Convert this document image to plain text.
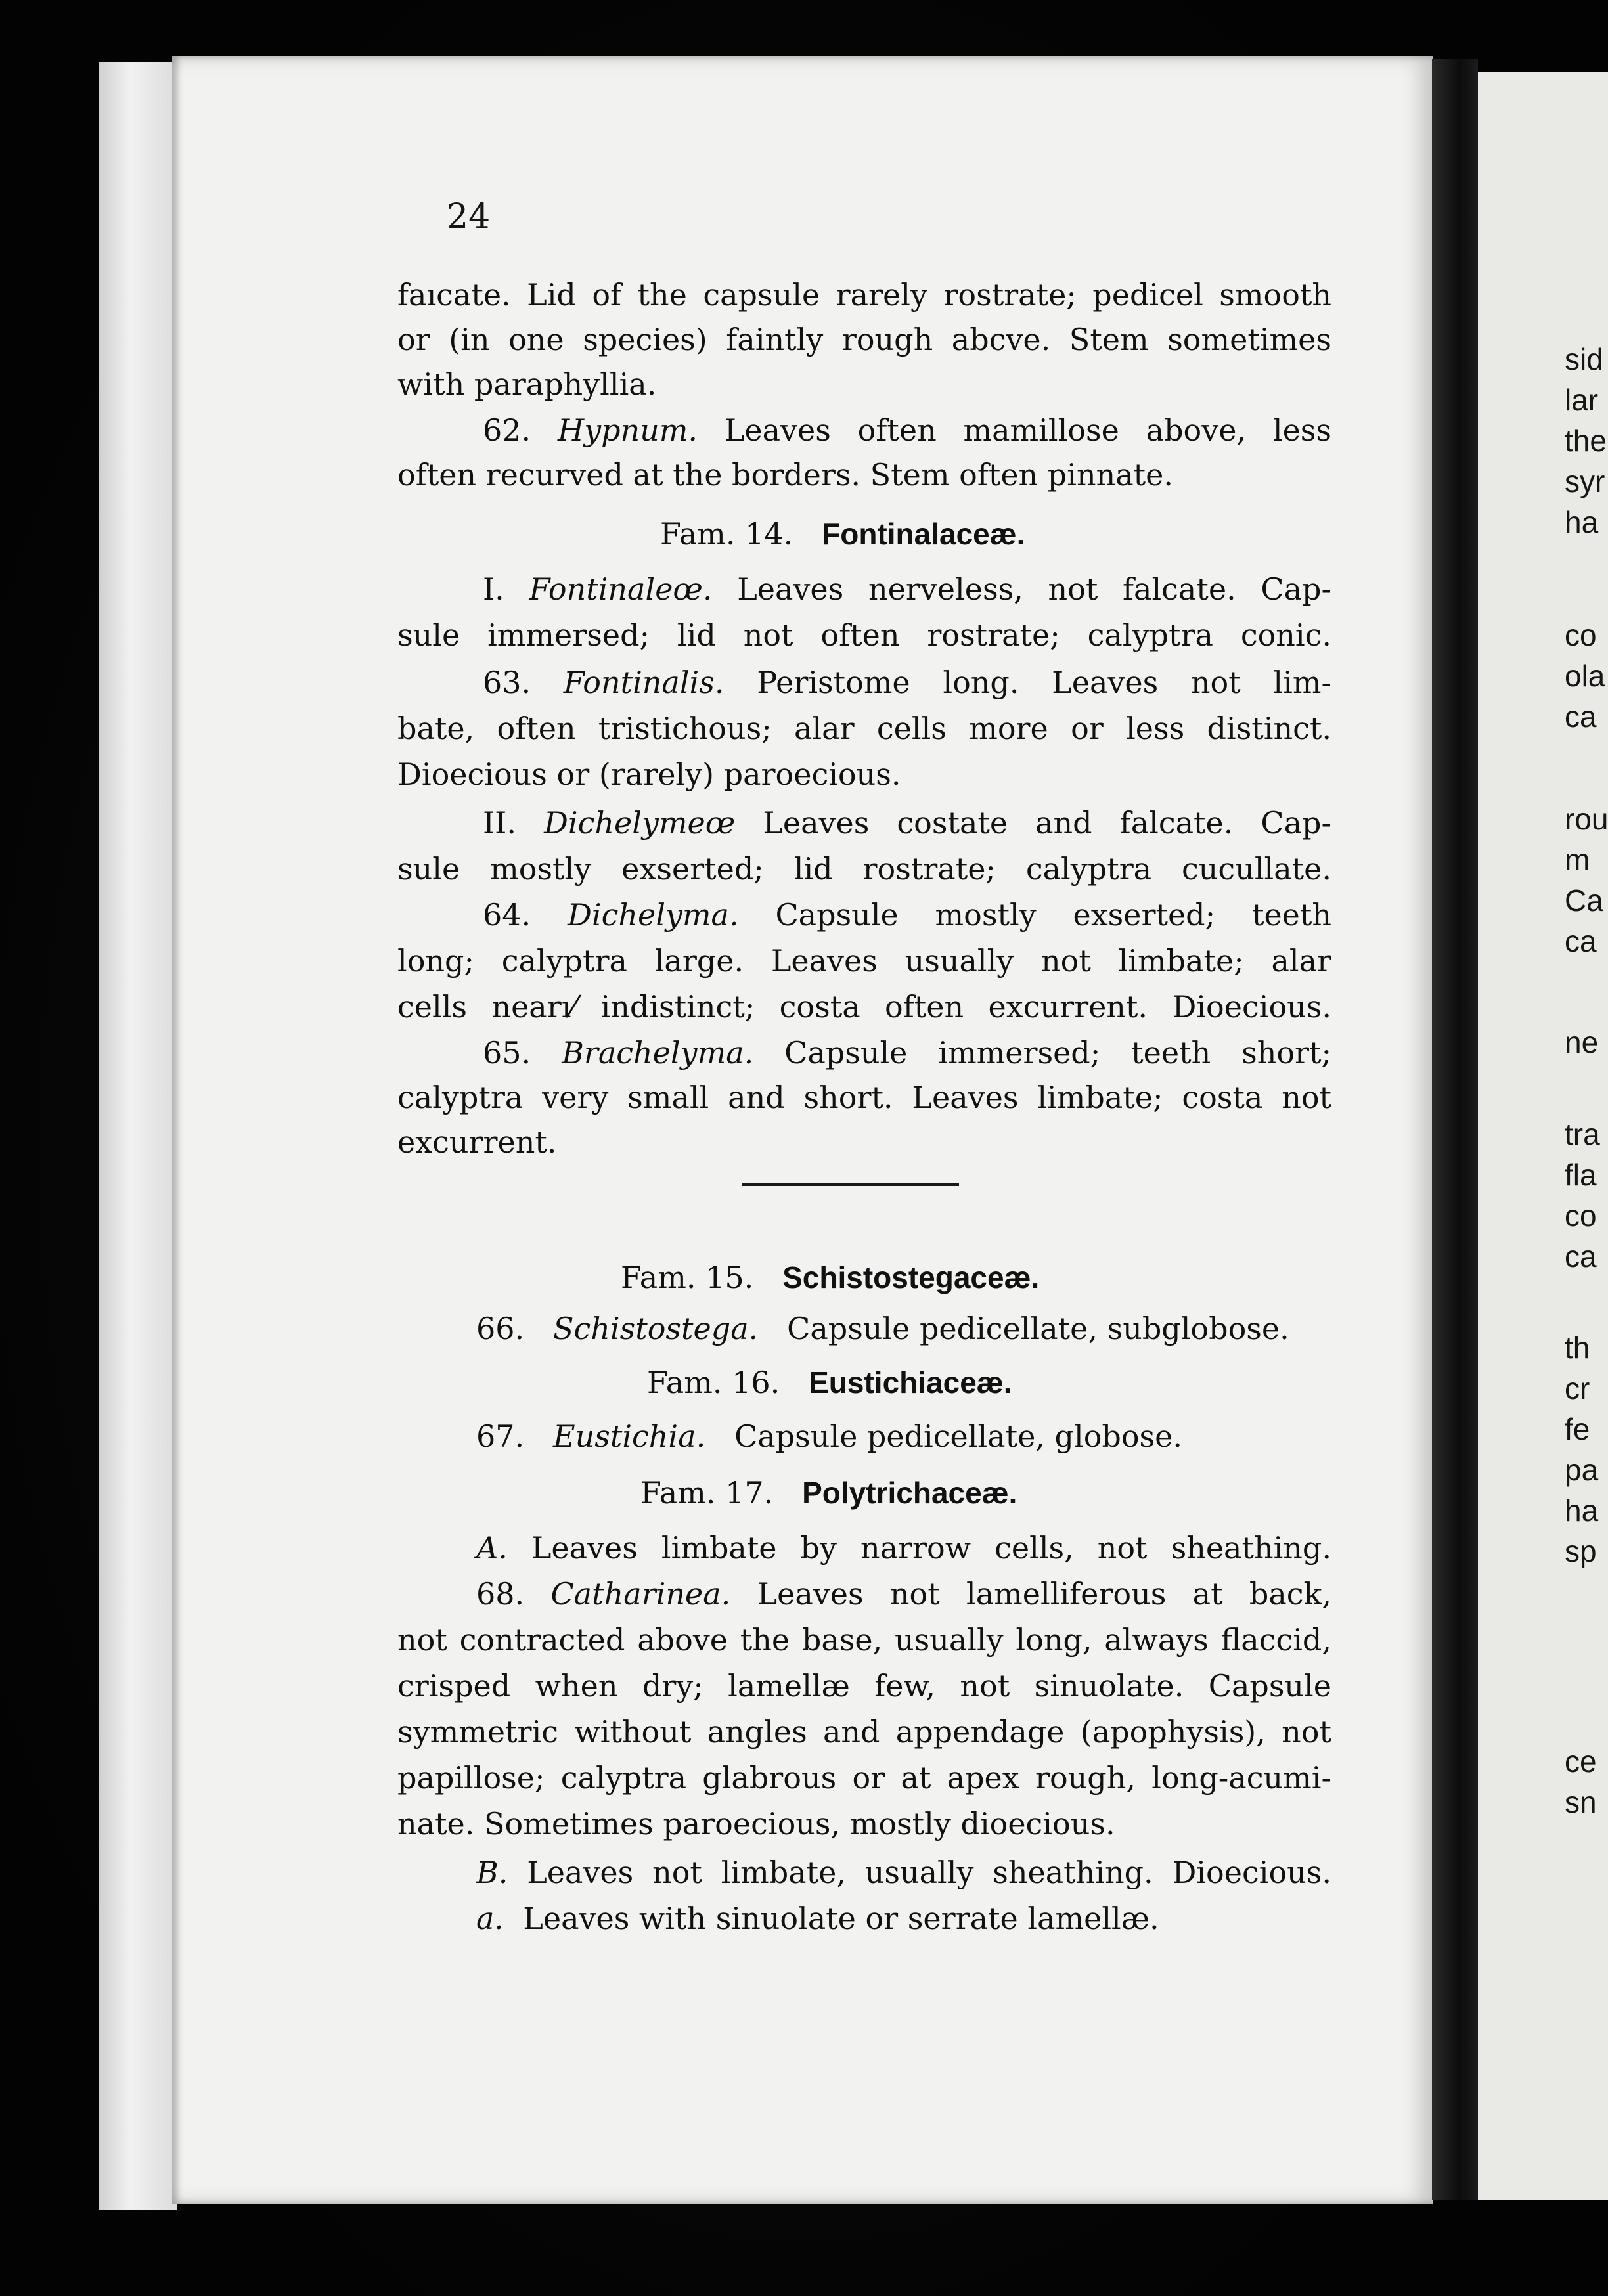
sid
lar
the
syr
ha
co
ola
ca
rou
m
Ca
ca
ne
tra
fla
co
ca
th
cr
fe
pa
ha
sp
ce
sn
24
faıcate. Lid of the capsule rarely rostrate; pedicel smooth
or (in one species) faintly rough abcve. Stem sometimes
with paraphyllia.
62. Hypnum. Leaves often mamillose above, less
often recurved at the borders. Stem often pinnate.
Fam. 14. Fontinalaceæ.
I. Fontinaleœ. Leaves nerveless, not falcate. Cap-
sule immersed; lid not often rostrate; calyptra conic.
63. Fontinalis. Peristome long. Leaves not lim-
bate, often tristichous; alar cells more or less distinct.
Dioecious or (rarely) paroecious.
II. Dichelymeœ Leaves costate and falcate. Cap-
sule mostly exserted; lid rostrate; calyptra cucullate.
64. Dichelyma. Capsule mostly exserted; teeth
long; calyptra large. Leaves usually not limbate; alar
cells nearı⁄ indistinct; costa often excurrent. Dioecious.
65. Brachelyma. Capsule immersed; teeth short;
calyptra very small and short. Leaves limbate; costa not
excurrent.
Fam. 15. Schistostegaceæ.
66. Schistostega. Capsule pedicellate, subglobose.
Fam. 16. Eustichiaceæ.
67. Eustichia. Capsule pedicellate, globose.
Fam. 17. Polytrichaceæ.
A. Leaves limbate by narrow cells, not sheathing.
68. Catharinea. Leaves not lamelliferous at back,
not contracted above the base, usually long, always flaccid,
crisped when dry; lamellæ few, not sinuolate. Capsule
symmetric without angles and appendage (apophysis), not
papillose; calyptra glabrous or at apex rough, long-acumi-
nate. Sometimes paroecious, mostly dioecious.
B. Leaves not limbate, usually sheathing. Dioecious.
a. Leaves with sinuolate or serrate lamellæ.
